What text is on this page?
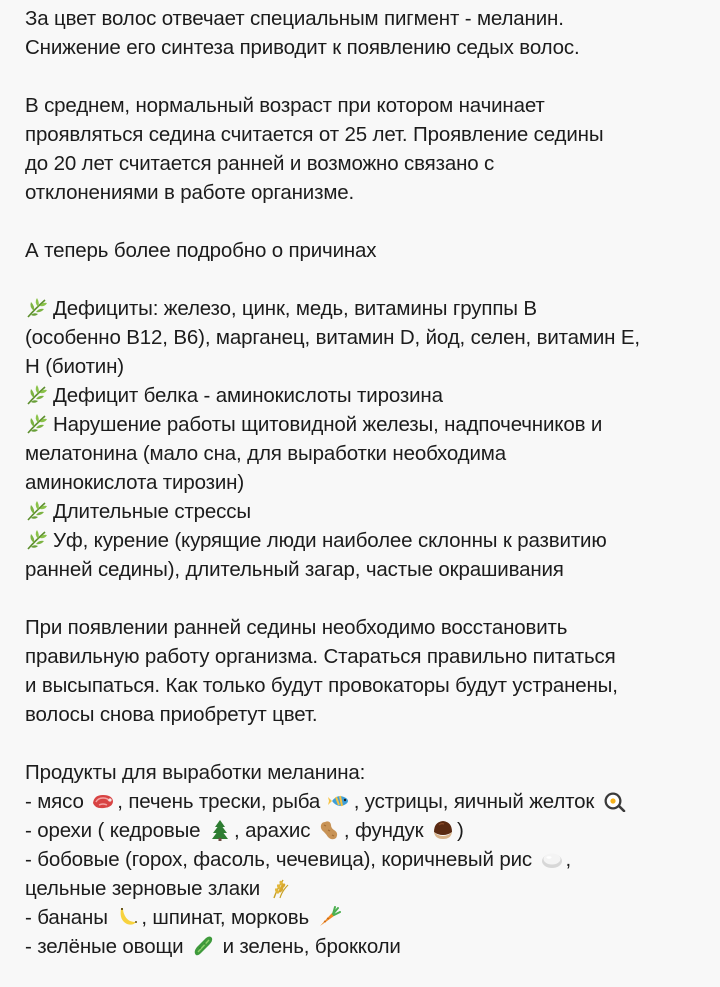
За цвет волос отвечает специальным пигмент - меланин.
Снижение его синтеза приводит к появлению седых волос.
В среднем, нормальный возраст при котором начинает
проявляться седина считается от 25 лет. Проявление седины
до 20 лет считается ранней и возможно связано с
отклонениями в работе организме.
А теперь более подробно о причинах
Дефициты: железо, цинк, медь, витамины группы B
(особенно B12, B6), марганец, витамин D, йод, селен, витамин E,
H (биотин)
Дефицит белка - аминокислоты тирозина
Нарушение работы щитовидной железы, надпочечников и
мелатонина (мало сна, для выработки необходима
аминокислота тирозин)
Длительные стрессы
Уф, курение (курящие люди наиболее склонны к развитию
ранней седины), длительный загар, частые окрашивания
При появлении ранней седины необходимо восстановить
правильную работу организма. Стараться правильно питаться
и высыпаться. Как только будут провокаторы будут устранены,
волосы снова приобретут цвет.
Продукты для выработки меланина:
- мясо , печень трески, рыба , устрицы, яичный желток
- орехи ( кедровые , арахис , фундук )
- бобовые (горох, фасоль, чечевица), коричневый рис ,
цельные зерновые злаки
- бананы , шпинат, морковь
- зелёные овощи и зелень, брокколи
